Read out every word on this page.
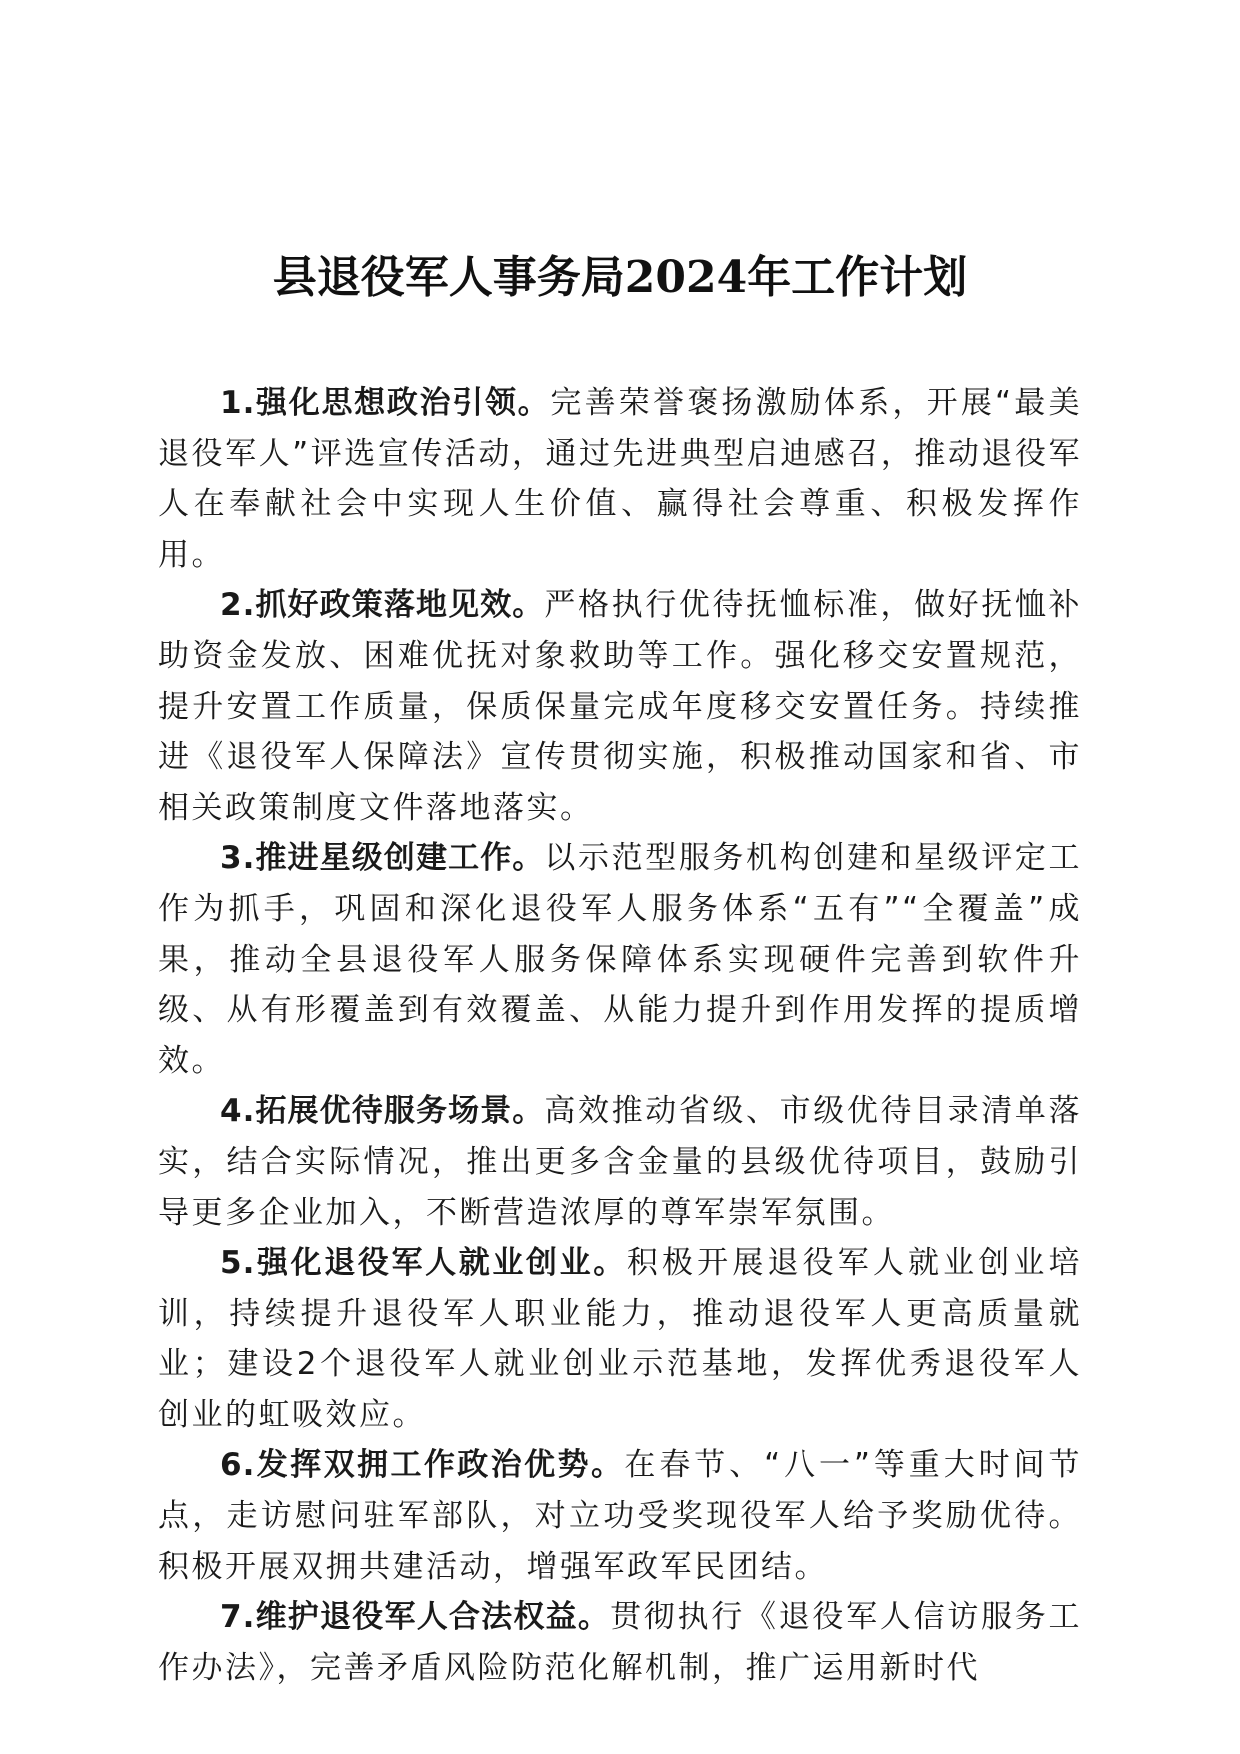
县退役军人事务局2024年工作计划

1.强化思想政治引领。完善荣誉褒扬激励体系，开展“最美退役军人”评选宣传活动，通过先进典型启迪感召，推动退役军人在奉献社会中实现人生价值、赢得社会尊重、积极发挥作用。

2.抓好政策落地见效。严格执行优待抚恤标准，做好抚恤补助资金发放、困难优抚对象救助等工作。强化移交安置规范，提升安置工作质量，保质保量完成年度移交安置任务。持续推进《退役军人保障法》宣传贯彻实施，积极推动国家和省、市相关政策制度文件落地落实。

3.推进星级创建工作。以示范型服务机构创建和星级评定工作为抓手，巩固和深化退役军人服务体系“五有”“全覆盖”成果，推动全县退役军人服务保障体系实现硬件完善到软件升级、从有形覆盖到有效覆盖、从能力提升到作用发挥的提质增效。

4.拓展优待服务场景。高效推动省级、市级优待目录清单落实，结合实际情况，推出更多含金量的县级优待项目，鼓励引导更多企业加入，不断营造浓厚的尊军崇军氛围。

5.强化退役军人就业创业。积极开展退役军人就业创业培训，持续提升退役军人职业能力，推动退役军人更高质量就业；建设2个退役军人就业创业示范基地，发挥优秀退役军人创业的虹吸效应。

6.发挥双拥工作政治优势。在春节、“八一”等重大时间节点，走访慰问驻军部队，对立功受奖现役军人给予奖励优待。积极开展双拥共建活动，增强军政军民团结。

7.维护退役军人合法权益。贯彻执行《退役军人信访服务工作办法》，完善矛盾风险防范化解机制，推广运用新时代
